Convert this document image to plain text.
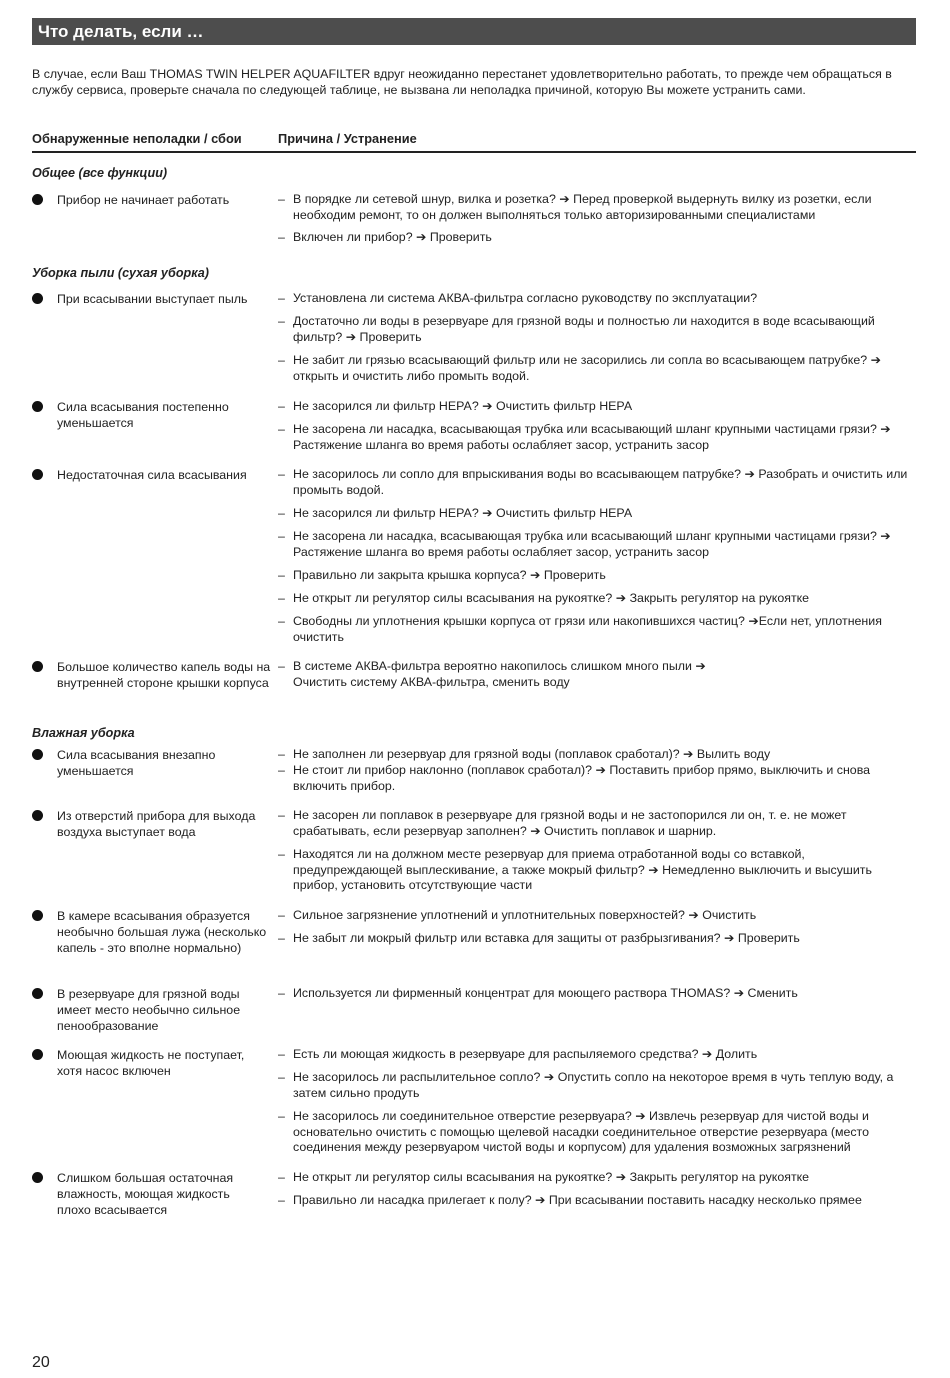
Что делать, если …
В случае, если Ваш THOMAS TWIN HELPER AQUAFILTER вдруг неожиданно перестанет удовлетворительно работать, то прежде чем обращаться в службу сервиса, проверьте сначала по следующей таблице, не вызвана ли неполадка причиной, которую Вы можете устранить сами.
Обнаруженные неполадки / сбои	Причина / Устранение
Общее (все функции)
Уборка пыли (сухая уборка)
Влажная уборка
Прибор не начинает работать
При всасывании выступает пыль
Сила всасывания постепенно уменьшается
Недостаточная сила всасывания
Большое количество капель воды на внутренней стороне крышки корпуса
Сила всасывания внезапно уменьшается
Из отверстий прибора для выхода воздуха выступает вода
В камере всасывания образуется необычно большая лужа (несколько капель - это вполне нормально)
В резервуаре для грязной воды имеет место необычно сильное пенообразование
Моющая жидкость не поступает, хотя насос включен
Слишком большая остаточная влажность, моющая жидкость плохо всасывается
– В порядке ли сетевой шнур, вилка и розетка? ➔ Перед проверкой выдернуть вилку из розетки, если необходим ремонт, то он должен выполняться только авторизированными специалистами
– Включен ли прибор? ➔ Проверить
– Установлена ли система АКВА-фильтра согласно руководству по эксплуатации?
– Достаточно ли воды в резервуаре для грязной воды и полностью ли находится в воде всасывающий фильтр? ➔ Проверить
– Не забит ли грязью всасывающий фильтр или не засорились ли сопла во всасывающем патрубке? ➔ открыть и очистить либо промыть водой.
– Не засорился ли фильтр НЕРА? ➔ Очистить фильтр НЕРА
– Не засорена ли насадка, всасывающая трубка или всасывающий шланг крупными частицами грязи? ➔ Растяжение шланга во время работы ослабляет засор, устранить засор
– Не засорилось ли сопло для впрыскивания воды во всасывающем патрубке? ➔ Разобрать и очистить или промыть водой.
– Не засорился ли фильтр НЕРА? ➔ Очистить фильтр НЕРА
– Не засорена ли насадка, всасывающая трубка или всасывающий шланг крупными частицами грязи? ➔ Растяжение шланга во время работы ослабляет засор, устранить засор
– Правильно ли закрыта крышка корпуса? ➔ Проверить
– Не открыт ли регулятор силы всасывания на рукоятке? ➔ Закрыть регулятор на рукоятке
– Свободны ли уплотнения крышки корпуса от грязи или накопившихся частиц? ➔Если нет, уплотнения очистить
– В системе АКВА-фильтра вероятно накопилось слишком много пыли ➔ Очистить систему АКВА-фильтра, сменить воду
– Не заполнен ли резервуар для грязной воды (поплавок сработал)? ➔ Вылить воду
– Не стоит ли прибор наклонно (поплавок сработал)? ➔ Поставить прибор прямо, выключить и снова включить прибор.
– Не засорен ли поплавок в резервуаре для грязной воды и не застопорился ли он, т. е. не может срабатывать, если резервуар заполнен? ➔ Очистить поплавок и шарнир.
– Находятся ли на должном месте резервуар для приема отработанной воды со вставкой, предупреждающей выплескивание, а также мокрый фильтр? ➔ Немедленно выключить и высушить прибор, установить отсутствующие части
– Сильное загрязнение уплотнений и уплотнительных поверхностей? ➔ Очистить
– Не забыт ли мокрый фильтр или вставка для защиты от разбрызгивания? ➔ Проверить
– Используется ли фирменный концентрат для моющего раствора THOMAS? ➔ Сменить
– Есть ли моющая жидкость в резервуаре для распыляемого средства? ➔ Долить
– Не засорилось ли распылительное сопло? ➔ Опустить сопло на некоторое время в чуть теплую воду, а затем сильно продуть
– Не засорилось ли соединительное отверстие резервуара? ➔ Извлечь резервуар для чистой воды и основательно очистить с помощью щелевой насадки соединительное отверстие резервуара (место соединения между резервуаром чистой воды и корпусом) для удаления возможных загрязнений
– Не открыт ли регулятор силы всасывания на рукоятке? ➔ Закрыть регулятор на рукоятке
– Правильно ли насадка прилегает к полу? ➔ При всасывании поставить насадку несколько прямее
20
